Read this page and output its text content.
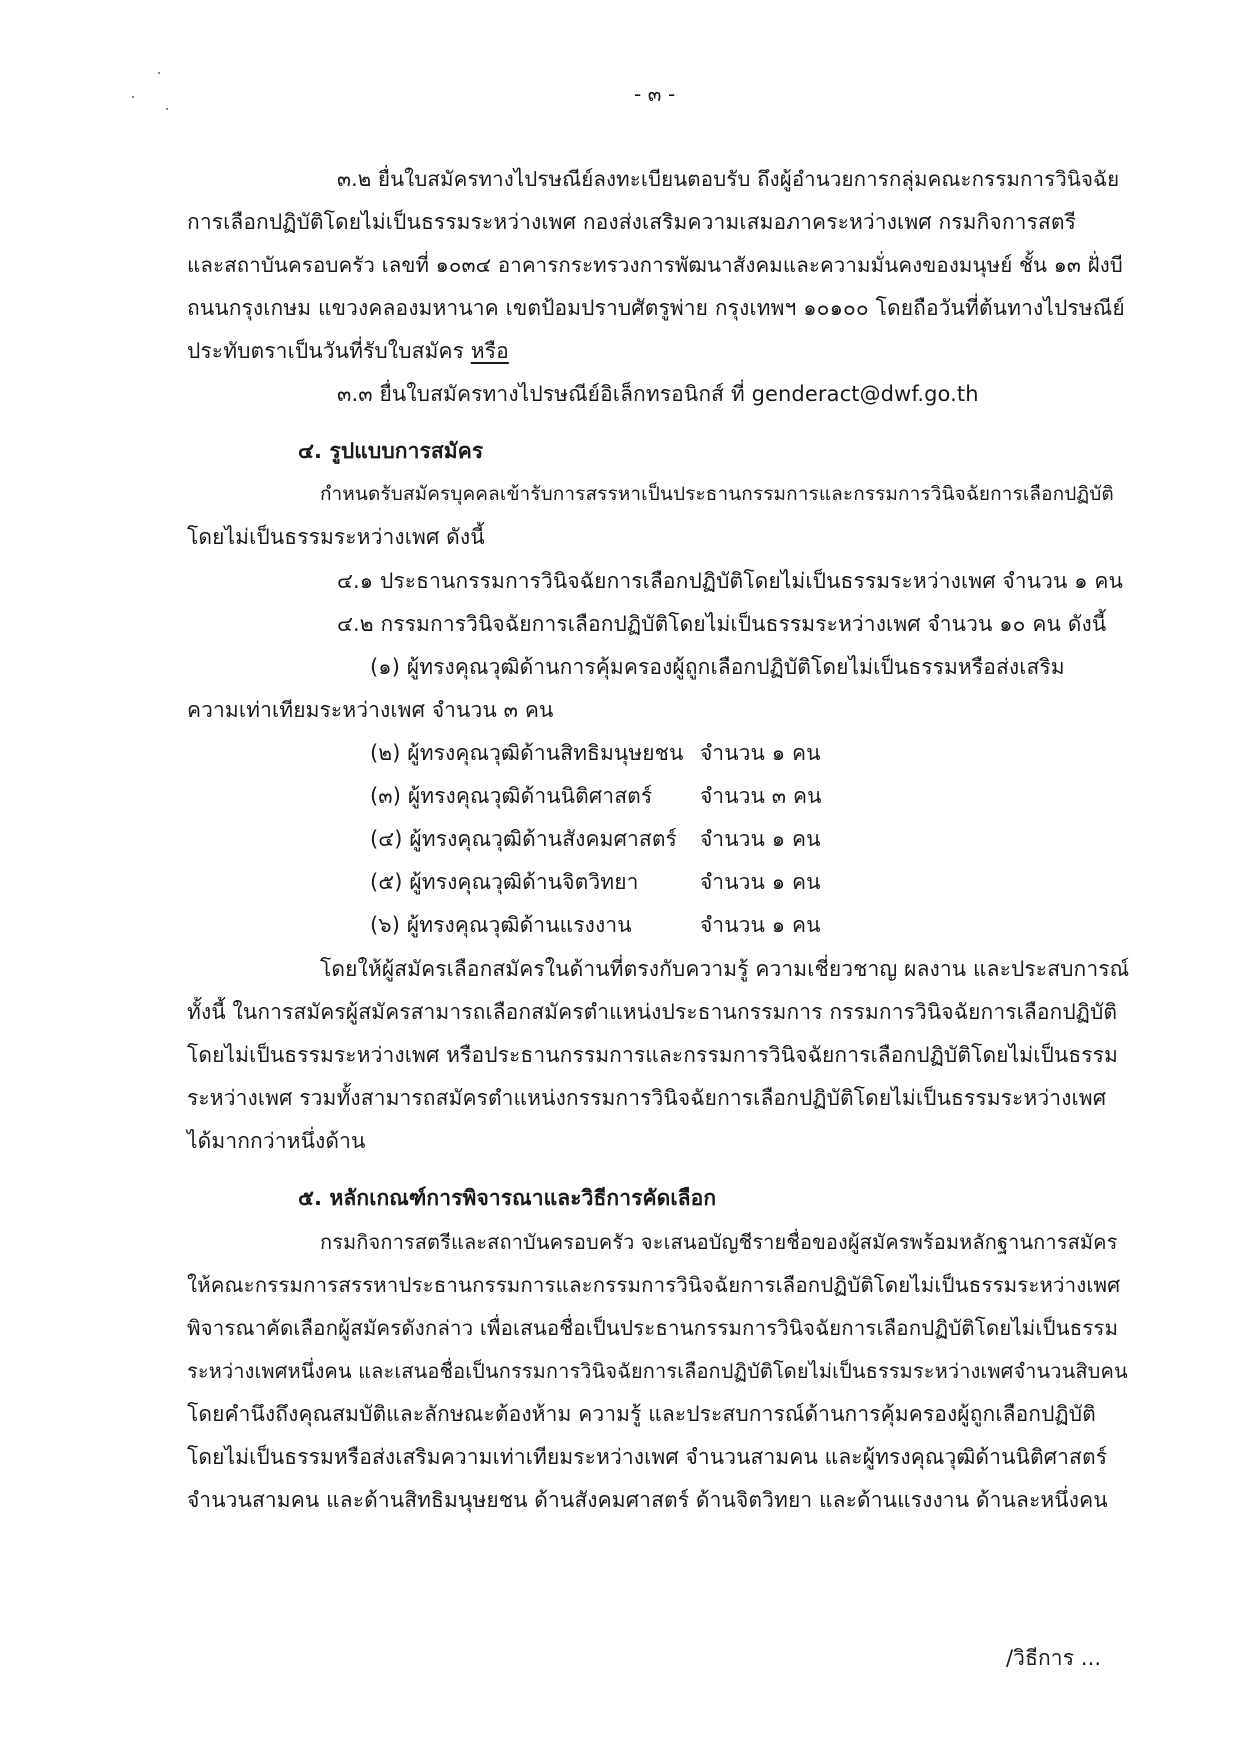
- ๓ -
๓.๒ ยื่นใบสมัครทางไปรษณีย์ลงทะเบียนตอบรับ ถึงผู้อำนวยการกลุ่มคณะกรรมการวินิจฉัย
การเลือกปฏิบัติโดยไม่เป็นธรรมระหว่างเพศ กองส่งเสริมความเสมอภาคระหว่างเพศ กรมกิจการสตรี
และสถาบันครอบครัว เลขที่ ๑๐๓๔ อาคารกระทรวงการพัฒนาสังคมและความมั่นคงของมนุษย์ ชั้น ๑๓ ฝั่งบี
ถนนกรุงเกษม แขวงคลองมหานาค เขตป้อมปราบศัตรูพ่าย กรุงเทพฯ ๑๐๑๐๐ โดยถือวันที่ต้นทางไปรษณีย์
ประทับตราเป็นวันที่รับใบสมัคร หรือ
๓.๓ ยื่นใบสมัครทางไปรษณีย์อิเล็กทรอนิกส์ ที่ genderact@dwf.go.th
๔. รูปแบบการสมัคร
กำหนดรับสมัครบุคคลเข้ารับการสรรหาเป็นประธานกรรมการและกรรมการวินิจฉัยการเลือกปฏิบัติ
โดยไม่เป็นธรรมระหว่างเพศ ดังนี้
๔.๑ ประธานกรรมการวินิจฉัยการเลือกปฏิบัติโดยไม่เป็นธรรมระหว่างเพศ จำนวน ๑ คน
๔.๒ กรรมการวินิจฉัยการเลือกปฏิบัติโดยไม่เป็นธรรมระหว่างเพศ จำนวน ๑๐ คน ดังนี้
(๑) ผู้ทรงคุณวุฒิด้านการคุ้มครองผู้ถูกเลือกปฏิบัติโดยไม่เป็นธรรมหรือส่งเสริม
ความเท่าเทียมระหว่างเพศ จำนวน ๓ คน
(๒) ผู้ทรงคุณวุฒิด้านสิทธิมนุษยชน จำนวน ๑ คน
(๓) ผู้ทรงคุณวุฒิด้านนิติศาสตร์ จำนวน ๓ คน
(๔) ผู้ทรงคุณวุฒิด้านสังคมศาสตร์ จำนวน ๑ คน
(๕) ผู้ทรงคุณวุฒิด้านจิตวิทยา	จำนวน ๑ คน
(๖) ผู้ทรงคุณวุฒิด้านแรงงาน	จำนวน ๑ คน
โดยให้ผู้สมัครเลือกสมัครในด้านที่ตรงกับความรู้ ความเชี่ยวชาญ ผลงาน และประสบการณ์
ทั้งนี้ ในการสมัครผู้สมัครสามารถเลือกสมัครตำแหน่งประธานกรรมการ กรรมการวินิจฉัยการเลือกปฏิบัติ
โดยไม่เป็นธรรมระหว่างเพศ หรือประธานกรรมการและกรรมการวินิจฉัยการเลือกปฏิบัติโดยไม่เป็นธรรม
ระหว่างเพศ รวมทั้งสามารถสมัครตำแหน่งกรรมการวินิจฉัยการเลือกปฏิบัติโดยไม่เป็นธรรมระหว่างเพศ
ได้มากกว่าหนึ่งด้าน
๕. หลักเกณฑ์การพิจารณาและวิธีการคัดเลือก
กรมกิจการสตรีและสถาบันครอบครัว จะเสนอบัญชีรายชื่อของผู้สมัครพร้อมหลักฐานการสมัคร
ให้คณะกรรมการสรรหาประธานกรรมการและกรรมการวินิจฉัยการเลือกปฏิบัติโดยไม่เป็นธรรมระหว่างเพศ
พิจารณาคัดเลือกผู้สมัครดังกล่าว เพื่อเสนอชื่อเป็นประธานกรรมการวินิจฉัยการเลือกปฏิบัติโดยไม่เป็นธรรม
ระหว่างเพศหนึ่งคน และเสนอชื่อเป็นกรรมการวินิจฉัยการเลือกปฏิบัติโดยไม่เป็นธรรมระหว่างเพศจำนวนสิบคน
โดยคำนึงถึงคุณสมบัติและลักษณะต้องห้าม ความรู้ และประสบการณ์ด้านการคุ้มครองผู้ถูกเลือกปฏิบัติ
โดยไม่เป็นธรรมหรือส่งเสริมความเท่าเทียมระหว่างเพศ จำนวนสามคน และผู้ทรงคุณวุฒิด้านนิติศาสตร์
จำนวนสามคน และด้านสิทธิมนุษยชน ด้านสังคมศาสตร์ ด้านจิตวิทยา และด้านแรงงาน ด้านละหนึ่งคน
/วิธีการ ...
